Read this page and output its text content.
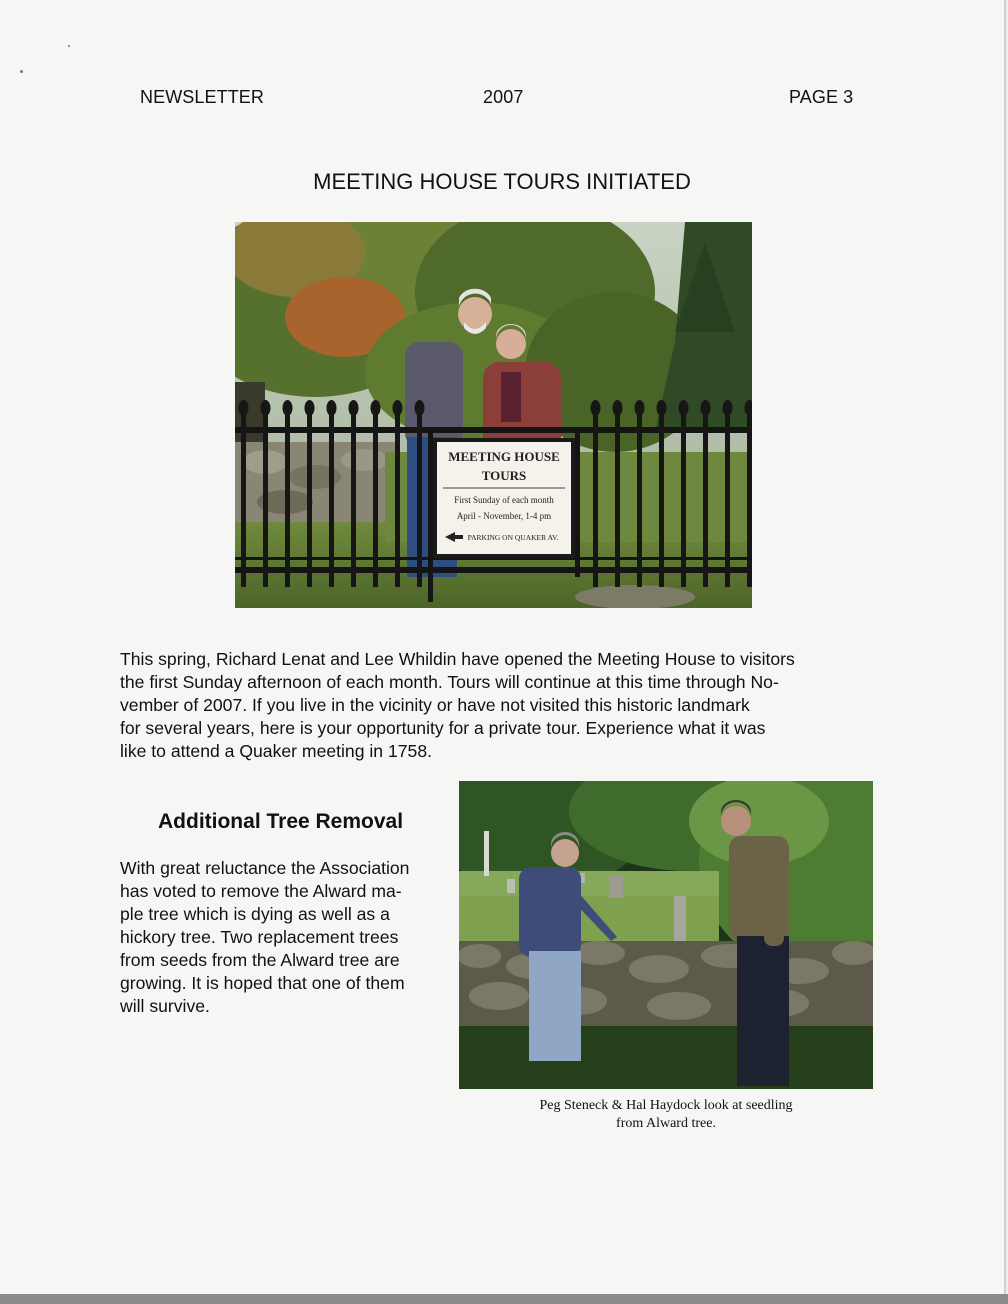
NEWSLETTER	2007	PAGE 3
MEETING HOUSE TOURS INITIATED
MEETING HOUSE
TOURS
First Sunday of each month
April - November, 1-4 pm
PARKING ON QUAKER AV.
This spring, Richard Lenat and Lee Whildin have opened the Meeting House to visitors
the first Sunday afternoon of each month. Tours will continue at this time through No-
vember of 2007. If you live in the vicinity or have not visited this historic landmark
for several years, here is your opportunity for a private tour. Experience what it was
like to attend a Quaker meeting in 1758.
Additional Tree Removal
With great reluctance the Association
has voted to remove the Alward ma-
ple tree which is dying as well as a
hickory tree. Two replacement trees
from seeds from the Alward tree are
growing. It is hoped that one of them
will survive.
Peg Steneck & Hal Haydock look at seedling
from Alward tree.
